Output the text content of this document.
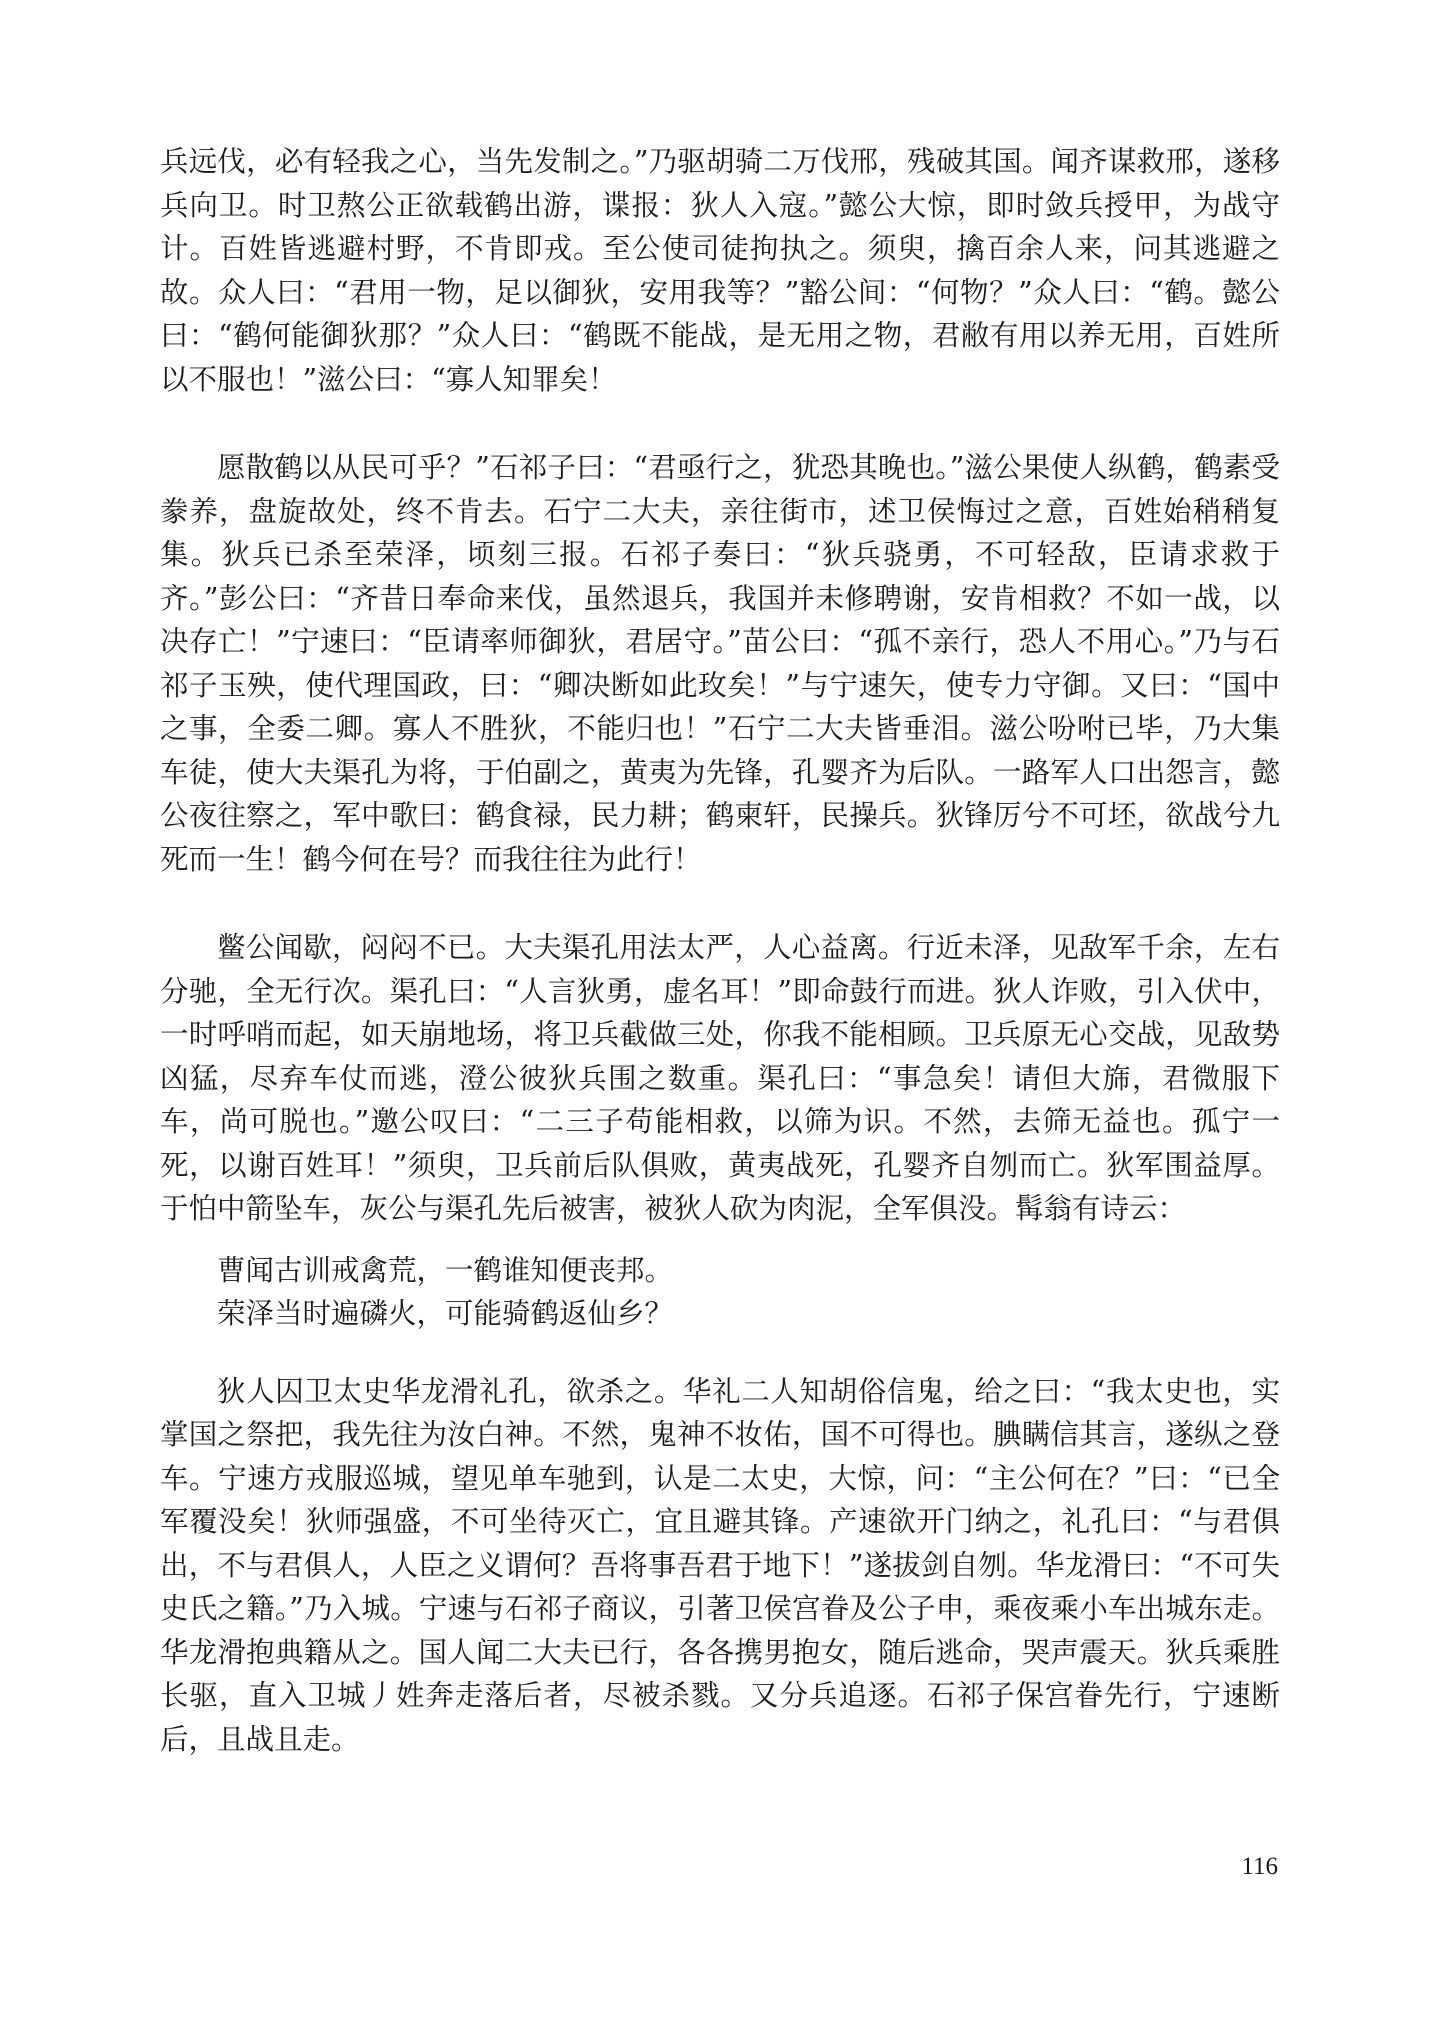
兵远伐，必有轻我之心，当先发制之。”乃驱胡骑二万伐邢，残破其国。闻齐谋救邢，遂移兵向卫。时卫熬公正欲载鹤出游，谍报：狄人入寇。”懿公大惊，即时敛兵授甲，为战守计。百姓皆逃避村野，不肯即戎。至公使司徒拘执之。须臾，擒百余人来，问其逃避之故。众人曰：“君用一物，足以御狄，安用我等？”豁公间：“何物？”众人曰：“鹤。懿公曰：“鹤何能御狄那？”众人曰：“鹤既不能战，是无用之物，君敝有用以养无用，百姓所以不服也！”滋公曰：“寡人知罪矣！

愿散鹤以从民可乎？”石祁子曰：“君亟行之，犹恐其晚也。”滋公果使人纵鹤，鹤素受豢养，盘旋故处，终不肯去。石宁二大夫，亲往街市，述卫侯悔过之意，百姓始稍稍复集。狄兵已杀至荣泽，顷刻三报。石祁子奏曰：“狄兵骁勇，不可轻敌，臣请求救于齐。”彭公曰：“齐昔日奉命来伐，虽然退兵，我国并未修聘谢，安肯相救？不如一战，以决存亡！”宁速曰：“臣请率师御狄，君居守。”苗公曰：“孤不亲行，恐人不用心。”乃与石祁子玉殃，使代理国政，曰：“卿决断如此玫矣！”与宁速矢，使专力守御。又曰：“国中之事，全委二卿。寡人不胜狄，不能归也！”石宁二大夫皆垂泪。滋公吩咐已毕，乃大集车徒，使大夫渠孔为将，于伯副之，黄夷为先锋，孔婴齐为后队。一路军人口出怨言，懿公夜往察之，军中歌曰：鹤食禄，民力耕；鹤柬轩，民操兵。狄锋厉兮不可坯，欲战兮九死而一生！鹤今何在号？而我往往为此行！

鳖公闻歇，闷闷不已。大夫渠孔用法太严，人心益离。行近未泽，见敌军千余，左右分驰，全无行次。渠孔曰：“人言狄勇，虚名耳！”即命鼓行而进。狄人诈败，引入伏中，一时呼哨而起，如天崩地场，将卫兵截做三处，你我不能相顾。卫兵原无心交战，见敌势凶猛，尽弃车仗而逃，澄公彼狄兵围之数重。渠孔曰：“事急矣！请但大旆，君微服下车，尚可脱也。”邀公叹曰：“二三子苟能相救，以筛为识。不然，去筛无益也。孤宁一死，以谢百姓耳！”须臾，卫兵前后队俱败，黄夷战死，孔婴齐自刎而亡。狄军围益厚。于怕中箭坠车，灰公与渠孔先后被害，被狄人砍为肉泥，全军俱没。髯翁有诗云：

曹闻古训戒禽荒，一鹤谁知便丧邦。
荣泽当时遍磷火，可能骑鹤返仙乡？

狄人囚卫太史华龙滑礼孔，欲杀之。华礼二人知胡俗信鬼，给之曰：“我太史也，实掌国之祭把，我先往为汝白神。不然，鬼神不妆佑，国不可得也。腆瞒信其言，遂纵之登车。宁速方戎服巡城，望见单车驰到，认是二太史，大惊，问：“主公何在？”曰：“已全军覆没矣！狄师强盛，不可坐待灭亡，宜且避其锋。产速欲开门纳之，礼孔曰：“与君俱出，不与君俱人，人臣之义谓何？吾将事吾君于地下！”遂拔剑自刎。华龙滑曰：“不可失史氏之籍。”乃入城。宁速与石祁子商议，引著卫侯宫眷及公子申，乘夜乘小车出城东走。华龙滑抱典籍从之。国人闻二大夫已行，各各携男抱女，随后逃命，哭声震天。狄兵乘胜长驱，直入卫城丿姓奔走落后者，尽被杀戮。又分兵追逐。石祁子保宫眷先行，宁速断后，且战且走。

116
